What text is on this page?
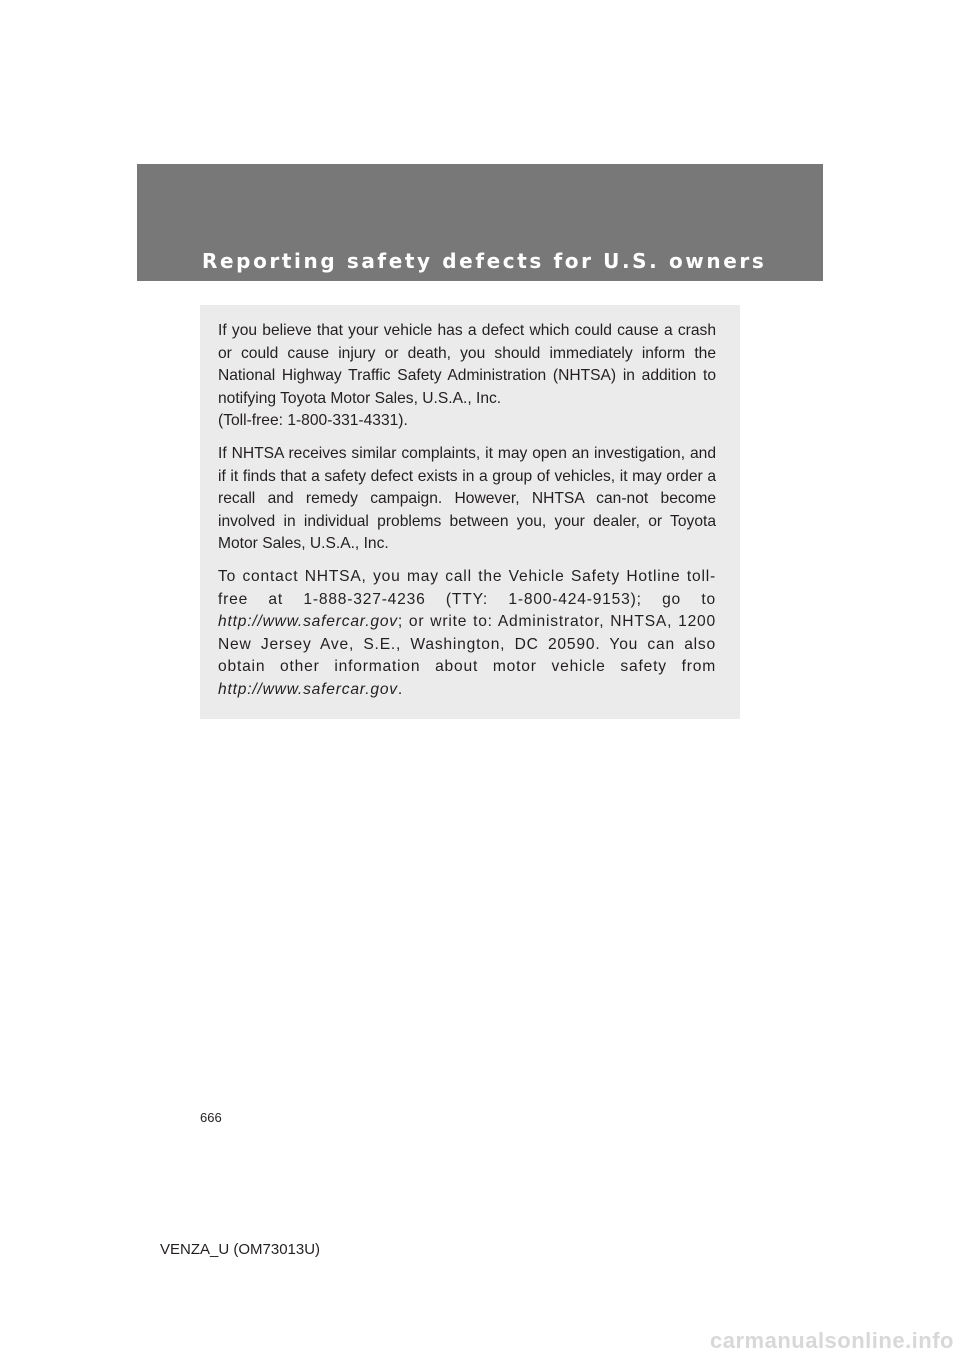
Reporting safety defects for U.S. owners

If you believe that your vehicle has a defect which could cause a crash or could cause injury or death, you should immediately inform the National Highway Traffic Safety Administration (NHTSA) in addition to notifying Toyota Motor Sales, U.S.A., Inc.
(Toll-free: 1-800-331-4331).

If NHTSA receives similar complaints, it may open an investigation, and if it finds that a safety defect exists in a group of vehicles, it may order a recall and remedy campaign. However, NHTSA can-not become involved in individual problems between you, your dealer, or Toyota Motor Sales, U.S.A., Inc.

To contact NHTSA, you may call the Vehicle Safety Hotline toll-free at 1-888-327-4236 (TTY: 1-800-424-9153); go to http://www.safercar.gov; or write to: Administrator, NHTSA, 1200 New Jersey Ave, S.E., Washington, DC 20590. You can also obtain other information about motor vehicle safety from http://www.safercar.gov.

666
VENZA_U (OM73013U)
carmanualsonline.info
